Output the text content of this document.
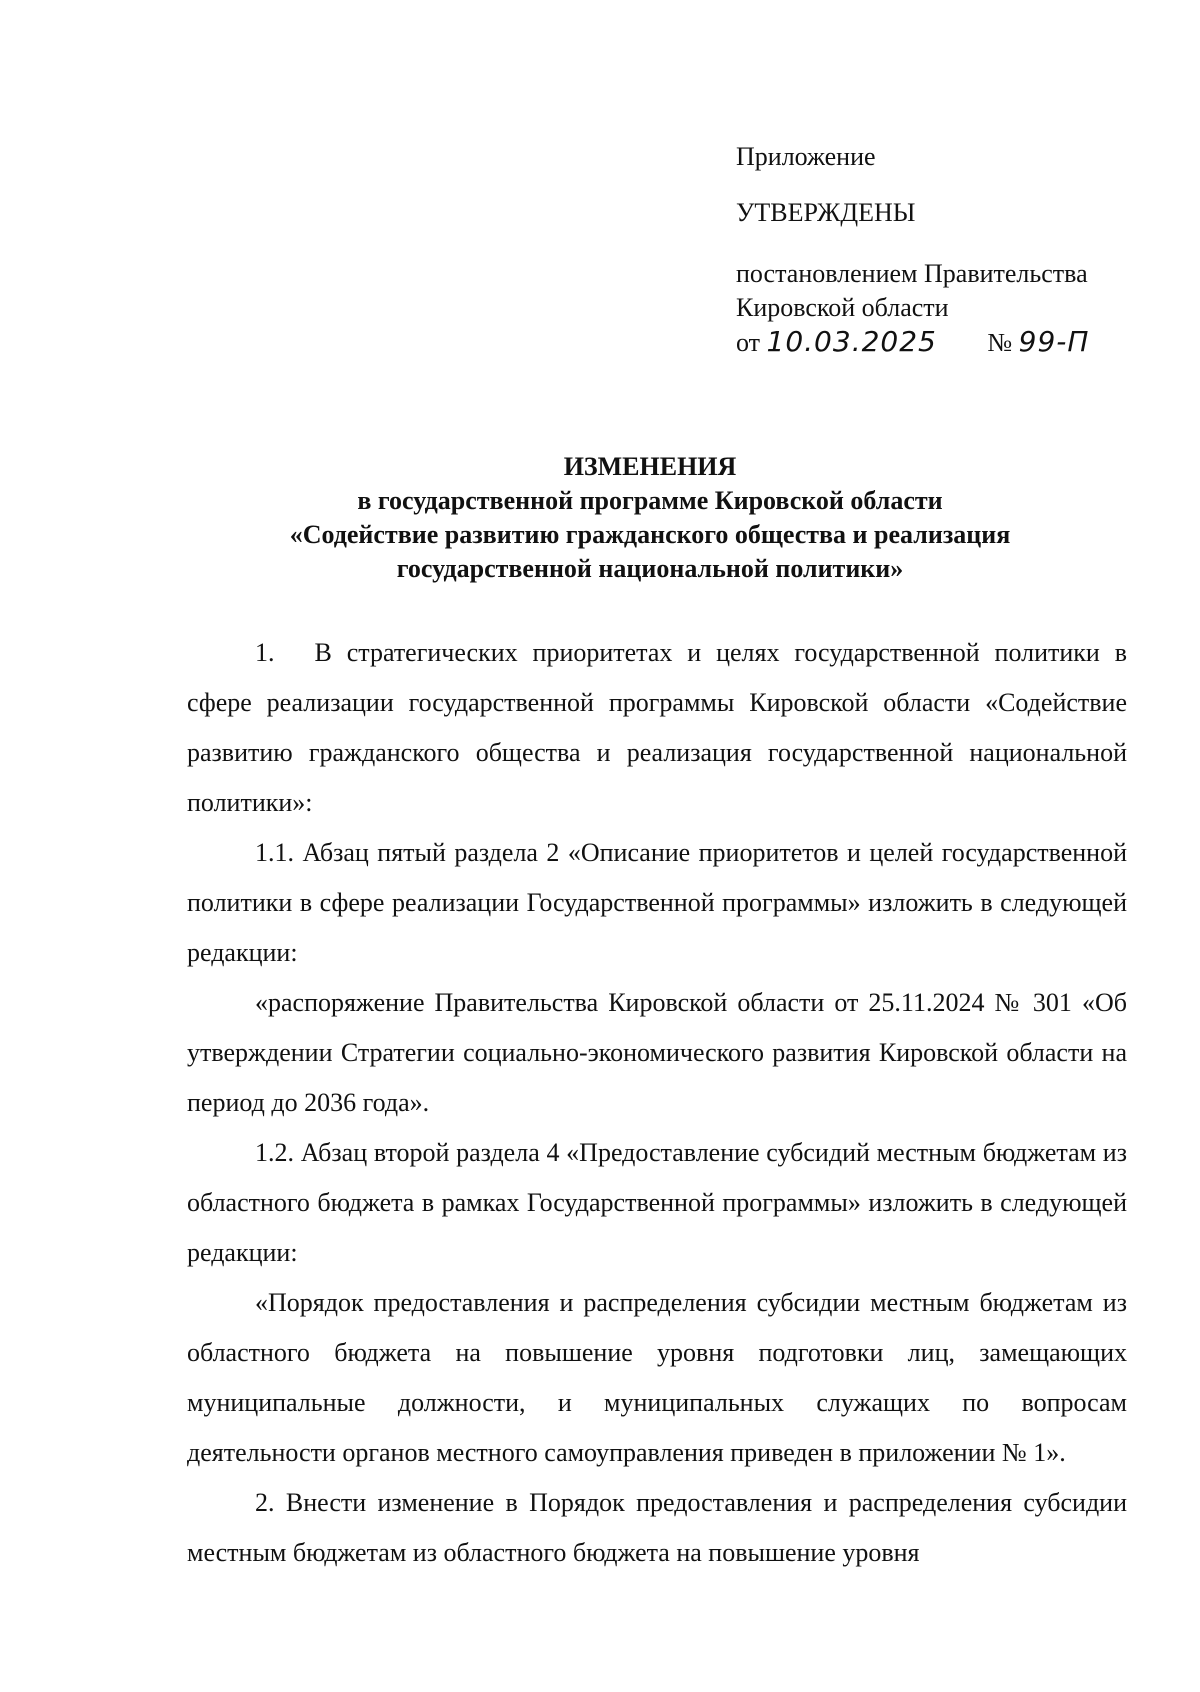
Приложение
УТВЕРЖДЕНЫ
постановлением Правительства
Кировской области
от 10.03.2025 № 99-П
ИЗМЕНЕНИЯ
в государственной программе Кировской области
«Содействие развитию гражданского общества и реализация
государственной национальной политики»

1. В стратегических приоритетах и целях государственной политики в сфере реализации государственной программы Кировской области «Содействие развитию гражданского общества и реализация государственной национальной политики»:

1.1. Абзац пятый раздела 2 «Описание приоритетов и целей государственной политики в сфере реализации Государственной программы» изложить в следующей редакции:

«распоряжение Правительства Кировской области от 25.11.2024 № 301 «Об утверждении Стратегии социально-экономического развития Кировской области на период до 2036 года».

1.2. Абзац второй раздела 4 «Предоставление субсидий местным бюджетам из областного бюджета в рамках Государственной программы» изложить в следующей редакции:

«Порядок предоставления и распределения субсидии местным бюджетам из областного бюджета на повышение уровня подготовки лиц, замещающих муниципальные должности, и муниципальных служащих по вопросам деятельности органов местного самоуправления приведен в приложении № 1».

2. Внести изменение в Порядок предоставления и распределения субсидии местным бюджетам из областного бюджета на повышение уровня
